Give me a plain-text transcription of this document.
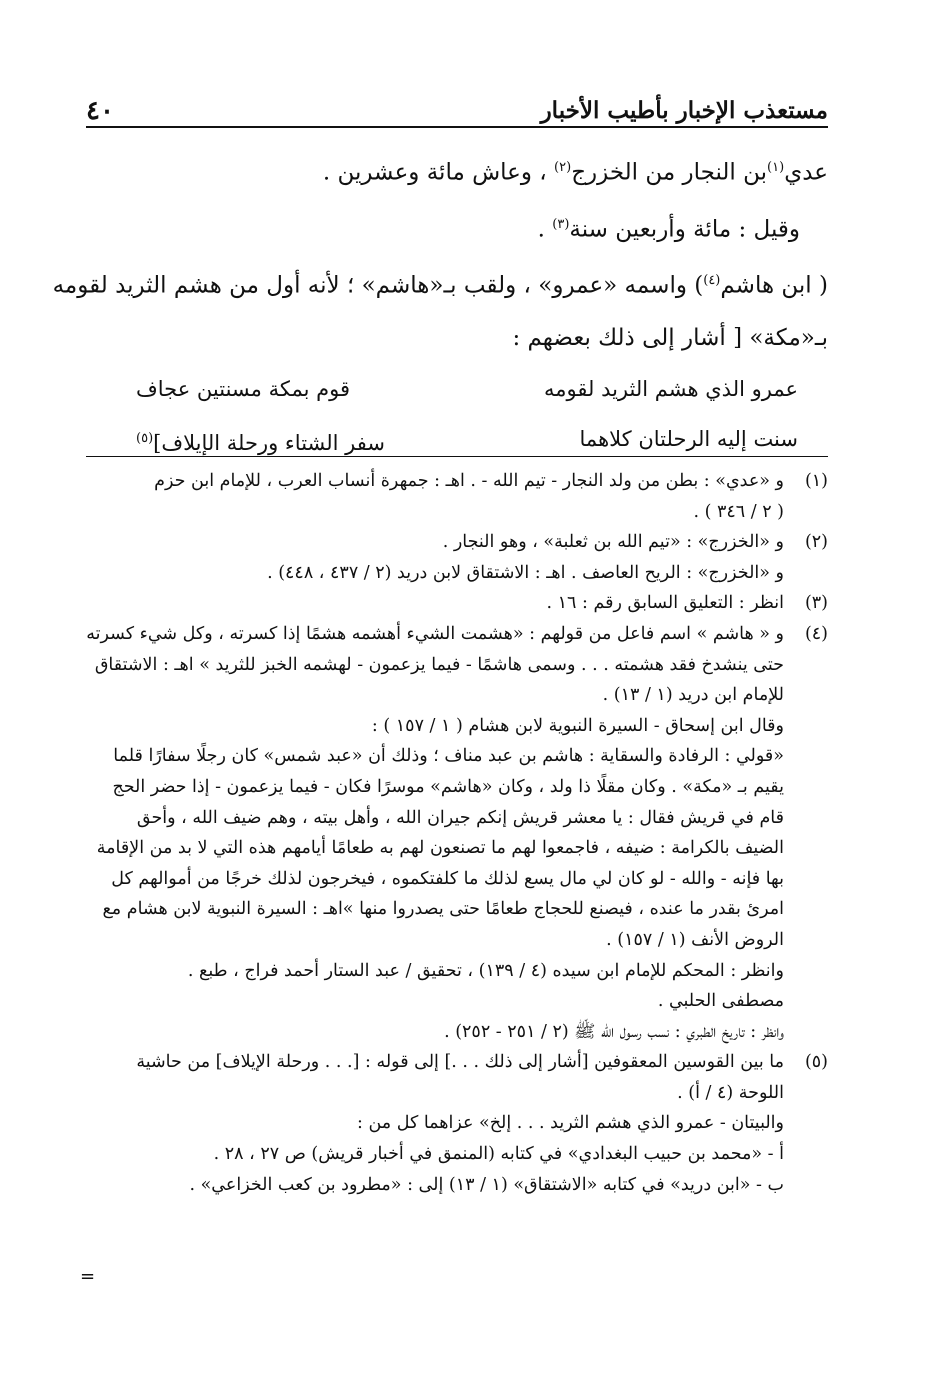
مستعذب الإخبار بأطيب الأخبار
٤٠
عدي$^{(١)}$بن النجار من الخزرج$^{(٢)}$ ، وعاش مائة وعشرين .
وقيل : مائة وأربعين سنة$^{(٣)}$ .
( ابن هاشم$^{(٤)}$) واسمه «عمرو» ، ولقب بـ«هاشم» ؛ لأنه أول من هشم الثريد لقومه
بـ«مكة» [ أشار إلى ذلك بعضهم :
عمرو الذي هشم الثريد لقومه
قوم بمكة مسنتين عجاف
سنت إليه الرحلتان كلاهما
سفر الشتاء ورحلة الإيلاف]$^{(٥)}$
(١)
و «عدي» : بطن من ولد النجار - تيم الله - . اهـ : جمهرة أنساب العرب ، للإمام ابن حزم
( ٢ / ٣٤٦ ) .
(٢)
و «الخزرج» : «تيم الله بن ثعلبة» ، وهو النجار .
و «الخزرج» : الريح العاصف . اهـ : الاشتقاق لابن دريد (٢ / ٤٣٧ ، ٤٤٨) .
(٣)
انظر : التعليق السابق رقم : ١٦ .
(٤)
و « هاشم » اسم فاعل من قولهم : «هشمت الشيء أهشمه هشمًا إذا كسرته ، وكل شيء كسرته
حتى ينشدخ فقد هشمته . . . وسمى هاشمًا - فيما يزعمون - لهشمه الخبز للثريد » اهـ : الاشتقاق
للإمام ابن دريد (١ / ١٣) .
وقال ابن إسحاق - السيرة النبوية لابن هشام ( ١ / ١٥٧ ) :
«قولي : الرفادة والسقاية : هاشم بن عبد مناف ؛ وذلك أن «عبد شمس» كان رجلًا سفارًا قلما
يقيم بـ «مكة» . وكان مقلًا ذا ولد ، وكان «هاشم» موسرًا فكان - فيما يزعمون - إذا حضر الحج
قام في قريش فقال : يا معشر قريش إنكم جيران الله ، وأهل بيته ، وهم ضيف الله ، وأحق
الضيف بالكرامة : ضيفه ، فاجمعوا لهم ما تصنعون لهم به طعامًا أيامهم هذه التي لا بد من الإقامة
بها فإنه - والله - لو كان لي مال يسع لذلك ما كلفتكموه ، فيخرجون لذلك خرجًا من أموالهم كل
امرئ بقدر ما عنده ، فيصنع للحجاج طعامًا حتى يصدروا منها »اهـ : السيرة النبوية لابن هشام مع
الروض الأنف (١ / ١٥٧) .
وانظر : المحكم للإمام ابن سيده (٤ / ١٣٩) ، تحقيق / عبد الستار أحمد فراج ، طبع .
مصطفى الحلبي .
وانظر : تاريخ الطبري : نسب رسول الله ﷺ (٢ / ٢٥١ - ٢٥٢) .
(٥)
ما بين القوسين المعقوفين [أشار إلى ذلك . . .] إلى قوله : [. . . ورحلة الإيلاف] من حاشية
اللوحة (٤ / أ) .
والبيتان - عمرو الذي هشم الثريد . . . إلخ» عزاهما كل من :
أ - «محمد بن حبيب البغدادي» في كتابه (المنمق في أخبار قريش) ص ٢٧ ، ٢٨ .
ب - «ابن دريد» في كتابه «الاشتقاق» (١ / ١٣) إلى : «مطرود بن كعب الخزاعي» .
=
